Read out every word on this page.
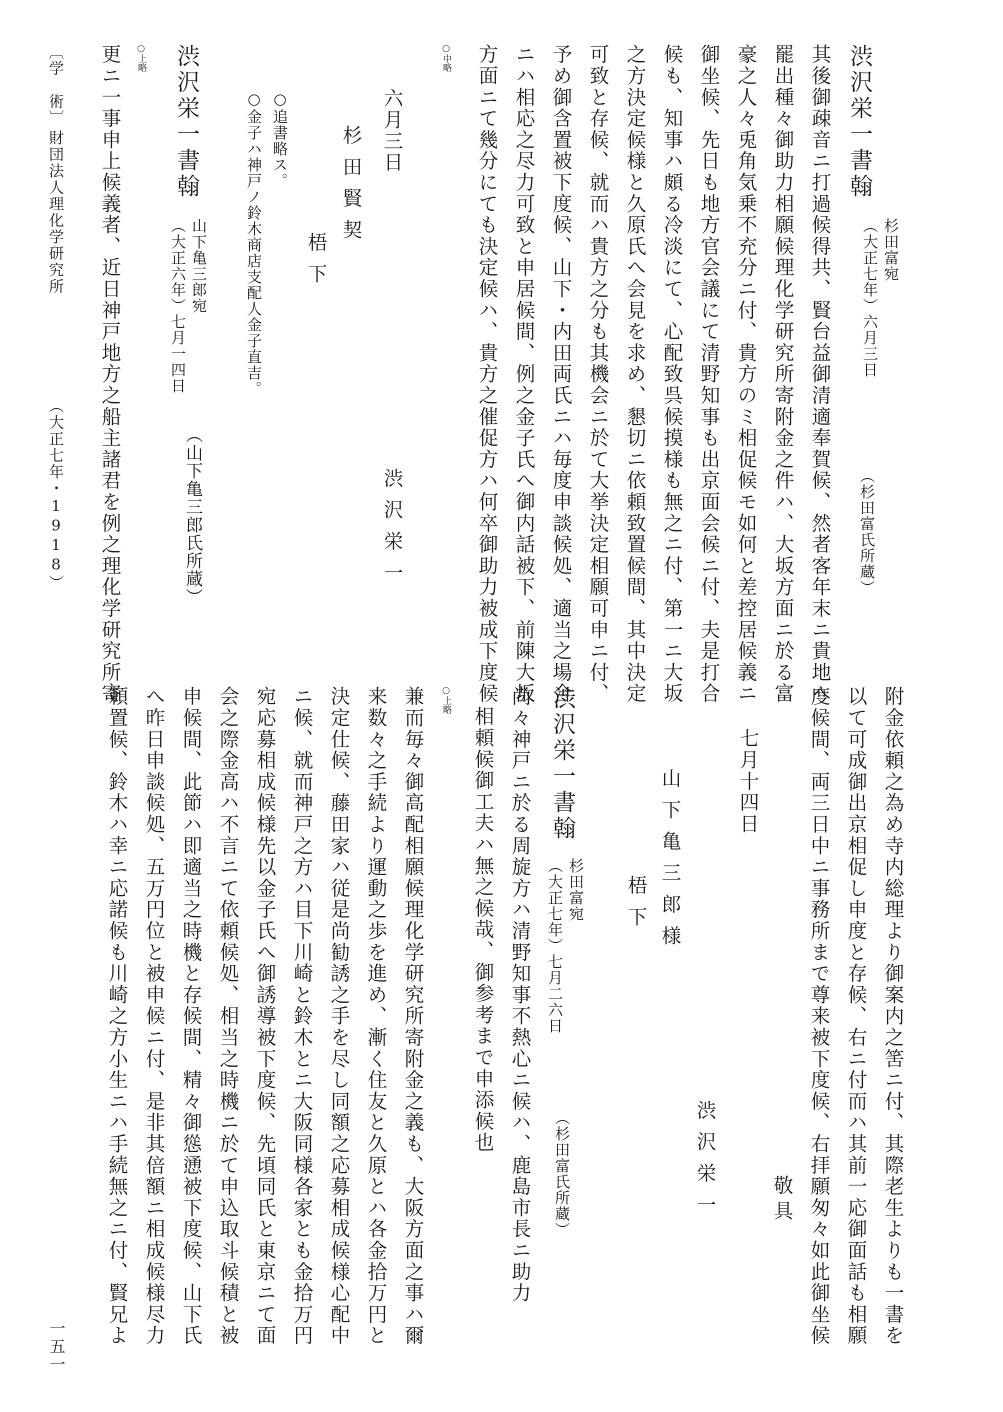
渋沢栄一書翰
杉田富宛
（大正七年）六月三日
（杉田富氏所蔵）
其後御疎音ニ打過候得共、賢台益御清適奉賀候、然者客年末ニ貴地へ
罷出種々御助力相願候理化学研究所寄附金之件ハ、大坂方面ニ於る富
豪之人々兎角気乗不充分ニ付、貴方のミ相促候モ如何と差控居候義ニ
御坐候、先日も地方官会議にて清野知事も出京面会候ニ付、夫是打合
候も、知事ハ頗る冷淡にて、心配致呉候摸様も無之ニ付、第一ニ大坂
之方決定候様と久原氏へ会見を求め、懇切ニ依頼致置候間、其中決定
可致と存候、就而ハ貴方之分も其機会ニ於て大挙決定相願可申ニ付、
予め御含置被下度候、山下・内田両氏ニハ毎度申談候処、適当之場合
ニハ相応之尽力可致と申居候間、例之金子氏へ御内話被下、前陳大坂
方面ニて幾分にても決定候ハ、貴方之催促方ハ何卒御助力被成下度候
○中略
六月三日
杉田賢契
梧下
渋沢栄一
○追書略ス。
○金子ハ神戸ノ鈴木商店支配人金子直吉。
渋沢栄一書翰
山下亀三郎宛
（大正六年）七月一四日
（山下亀三郎氏所蔵）
○上略
更ニ一事申上候義者、近日神戸地方之船主諸君を例之理化学研究所寄
〔学　術〕
財団法人理化学研究所
（大正七年・1918）
附金依頼之為め寺内総理より御案内之筈ニ付、其際老生よりも一書を
以て可成御出京相促し申度と存候、右ニ付而ハ其前一応御面話も相願
度候間、両三日中ニ事務所まで尊来被下度候、右拝願匆々如此御坐候
敬具
七月十四日
山下亀三郎様
梧下
渋沢栄一
渋沢栄一書翰
杉田富宛
（大正七年）七月二六日
（杉田富氏所蔵）
尚々神戸ニ於る周旋方ハ清野知事不熱心ニ候ハ、鹿島市長ニ助力
相頼候御工夫ハ無之候哉、御参考まで申添候也
○上略
兼而毎々御高配相願候理化学研究所寄附金之義も、大阪方面之事ハ爾
来数々之手続より運動之歩を進め、漸く住友と久原とハ各金拾万円と
決定仕候、藤田家ハ従是尚勧誘之手を尽し同額之応募相成候様心配中
ニ候、就而神戸之方ハ目下川崎と鈴木とニ大阪同様各家とも金拾万円
宛応募相成候様先以金子氏へ御誘導被下度候、先頃同氏と東京ニて面
会之際金高ハ不言ニて依頼候処、相当之時機ニ於て申込取斗候積と被
申候間、此節ハ即適当之時機と存候間、精々御慫慂被下度候、山下氏
へ昨日申談候処、五万円位と被申候ニ付、是非其倍額ニ相成候様尽力
頼置候、鈴木ハ幸ニ応諾候も川崎之方小生ニハ手続無之ニ付、賢兄よ
一五一
